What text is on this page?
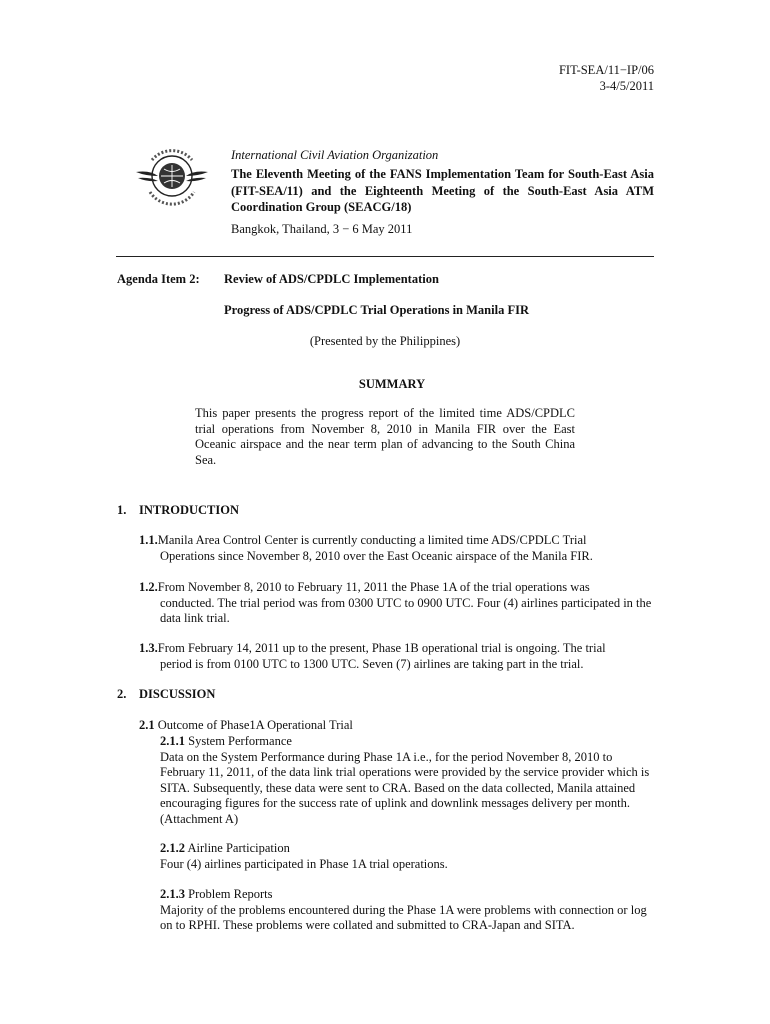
FIT-SEA/11−IP/06
3-4/5/2011
International Civil Aviation Organization
The Eleventh Meeting of the FANS Implementation Team for South-East Asia (FIT-SEA/11) and the Eighteenth Meeting of the South-East Asia ATM Coordination Group (SEACG/18)
Bangkok, Thailand, 3 − 6 May 2011
Agenda Item 2: Review of ADS/CPDLC Implementation
Progress of ADS/CPDLC Trial Operations in Manila FIR
(Presented by the Philippines)
SUMMARY
This paper presents the progress report of the limited time ADS/CPDLC trial operations from November 8, 2010 in Manila FIR over the East Oceanic airspace and the near term plan of advancing to the South China Sea.
1. INTRODUCTION
1.1.Manila Area Control Center is currently conducting a limited time ADS/CPDLC Trial
Operations since November 8, 2010 over the East Oceanic airspace of the Manila FIR.
1.2.From November 8, 2010 to February 11, 2011 the Phase 1A of the trial operations was
conducted. The trial period was from 0300 UTC to 0900 UTC. Four (4) airlines participated in the data link trial.
1.3.From February 14, 2011 up to the present, Phase 1B operational trial is ongoing. The trial
period is from 0100 UTC to 1300 UTC. Seven (7) airlines are taking part in the trial.
2. DISCUSSION
2.1 Outcome of Phase1A Operational Trial
2.1.1 System Performance
Data on the System Performance during Phase 1A i.e., for the period November 8, 2010 to February 11, 2011, of the data link trial operations were provided by the service provider which is SITA. Subsequently, these data were sent to CRA. Based on the data collected, Manila attained encouraging figures for the success rate of uplink and downlink messages delivery per month. (Attachment A)
2.1.2 Airline Participation
Four (4) airlines participated in Phase 1A trial operations.
2.1.3 Problem Reports
Majority of the problems encountered during the Phase 1A were problems with connection or log on to RPHI. These problems were collated and submitted to CRA-Japan and SITA.
